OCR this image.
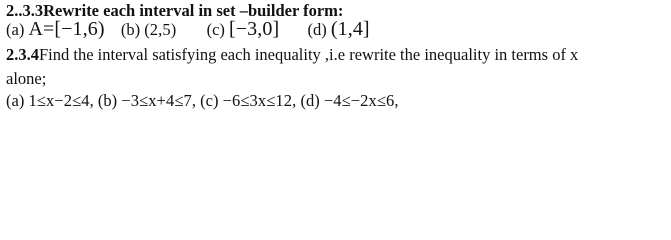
2..3.3Rewrite each interval in set –builder form:
(a) A=[−1,6) (b) (2,5) (c) [−3,0] (d) (1,4]
2.3.4Find the interval satisfying each inequality ,i.e rewrite the inequality in terms of x
alone;
(a) 1≤x−2≤4, (b) −3≤x+4≤7, (c) −6≤3x≤12, (d) −4≤−2x≤6,
